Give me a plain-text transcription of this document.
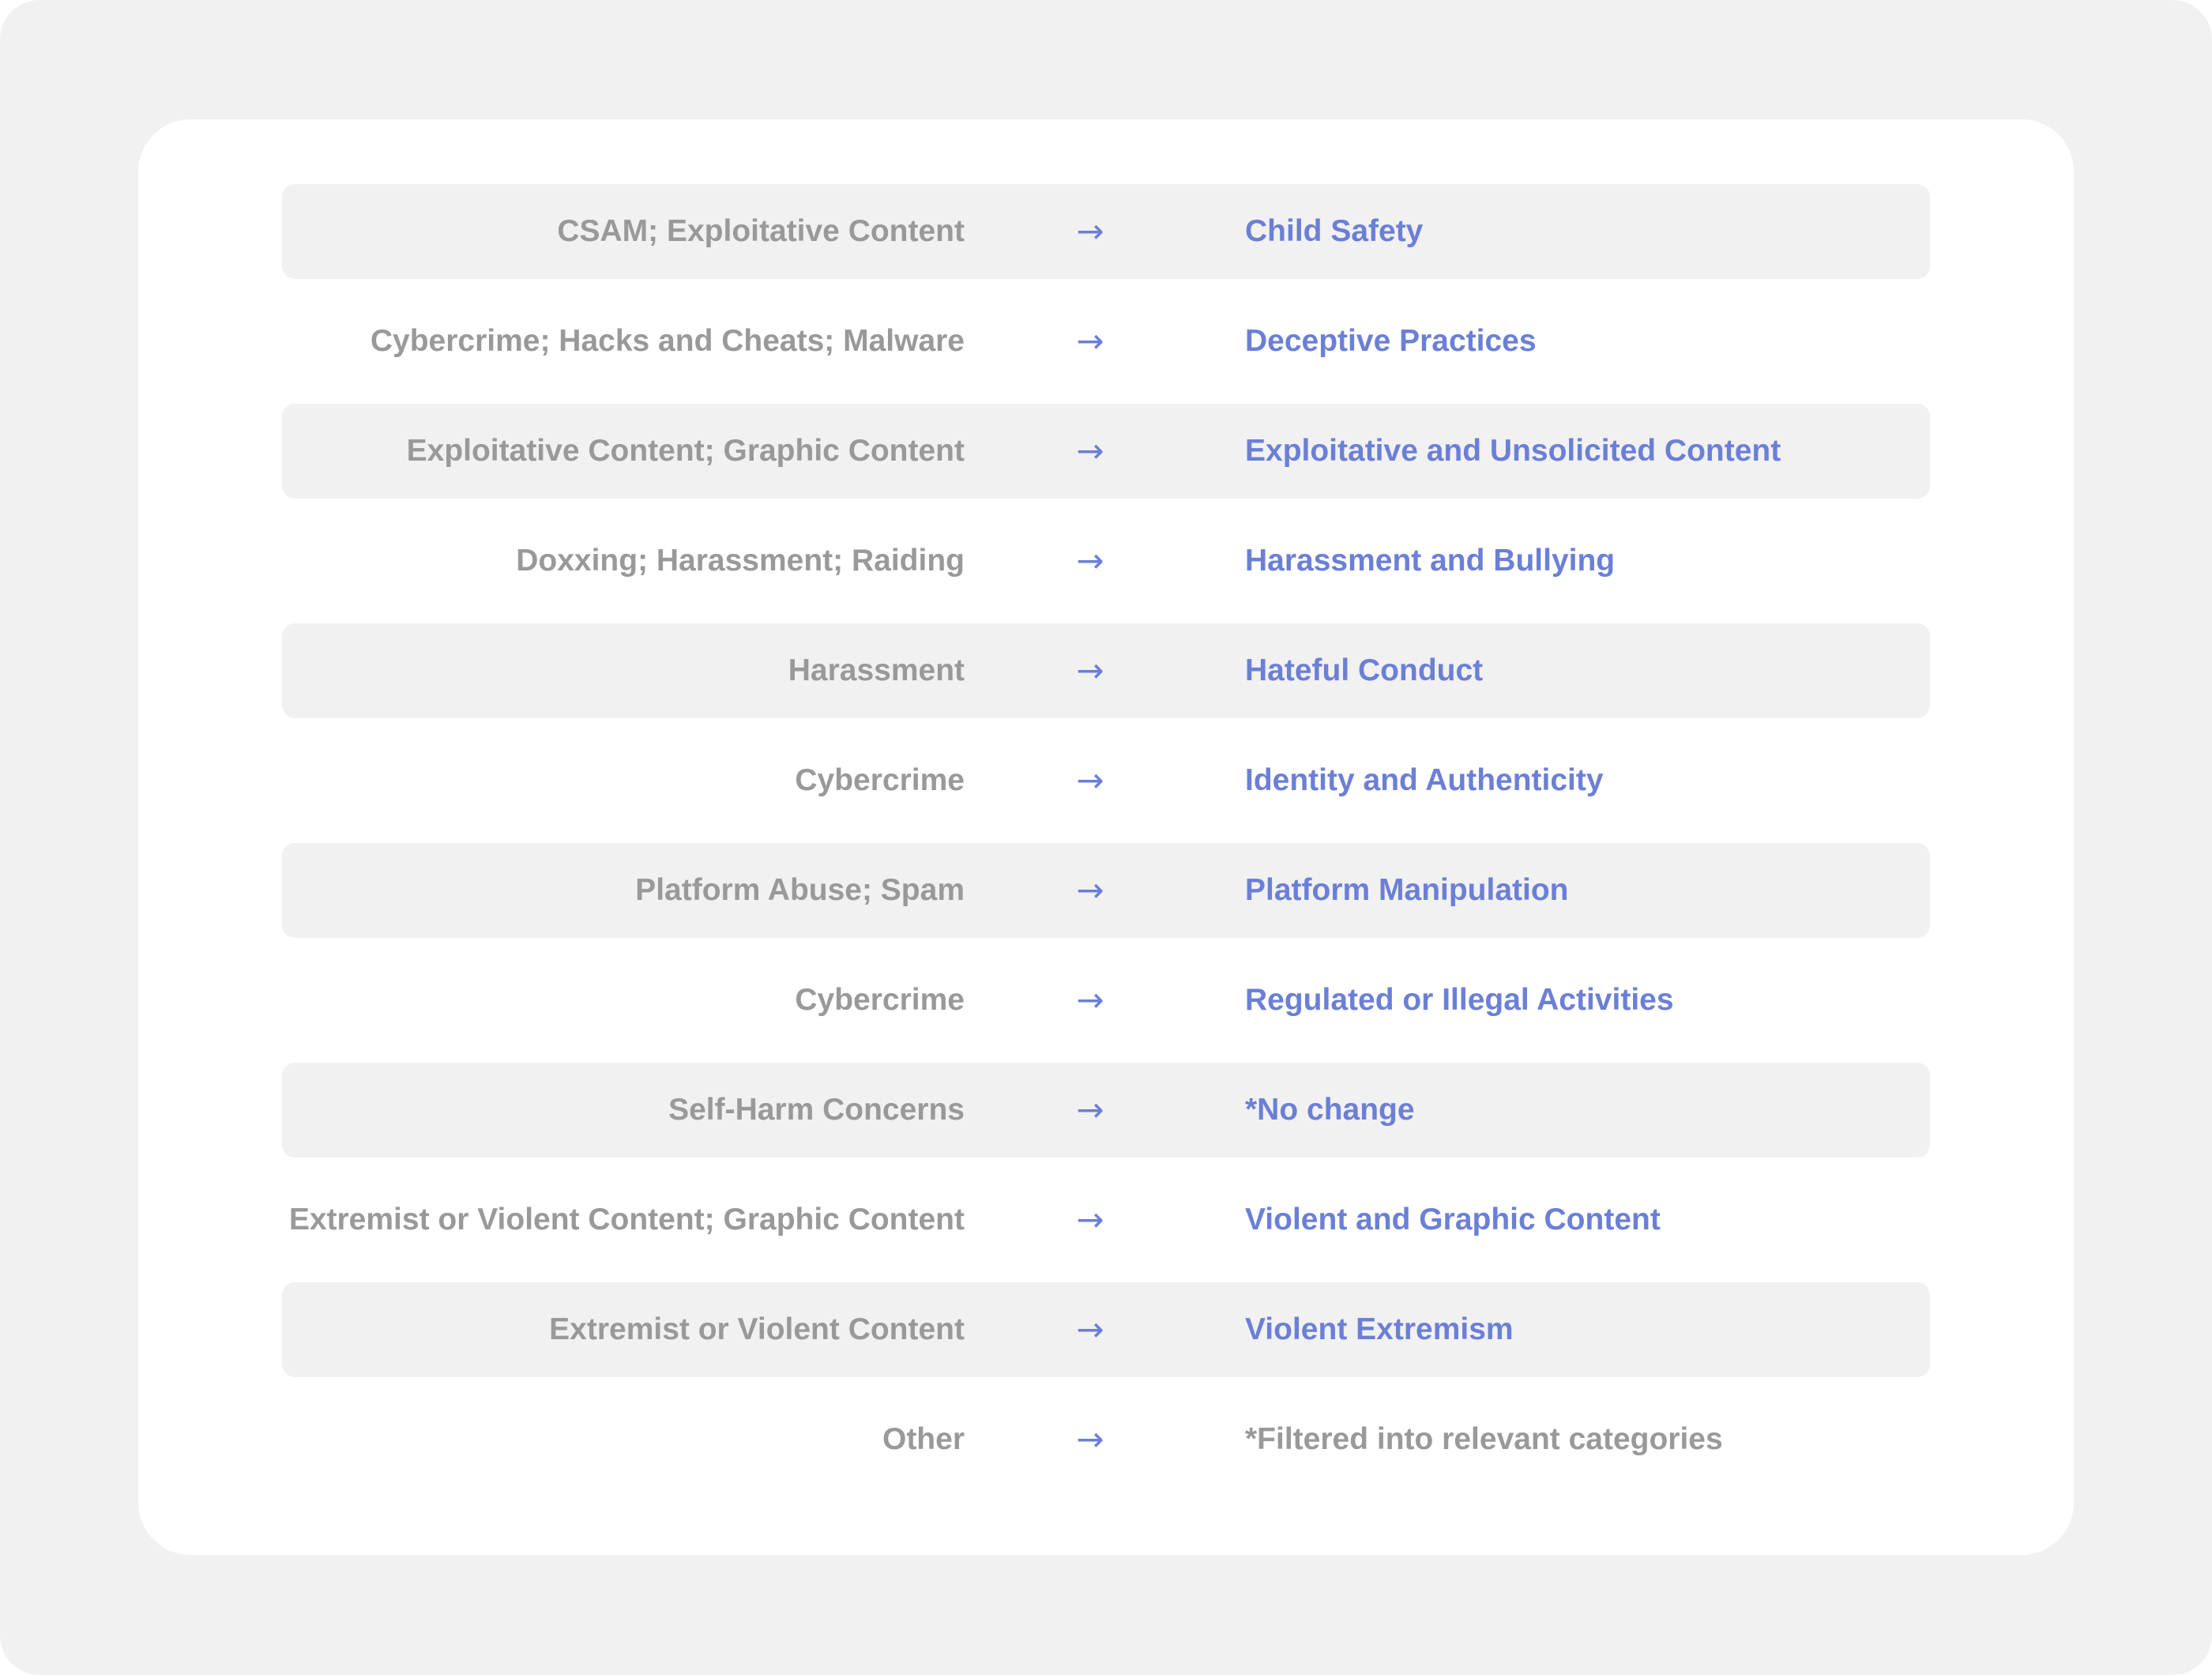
CSAM; Exploitative Content	→	Child Safety
Cybercrime; Hacks and Cheats; Malware	→	Deceptive Practices
Exploitative Content; Graphic Content	→	Exploitative and Unsolicited Content
Doxxing; Harassment; Raiding	→	Harassment and Bullying
Harassment	→	Hateful Conduct
Cybercrime	→	Identity and Authenticity
Platform Abuse; Spam	→	Platform Manipulation
Cybercrime	→	Regulated or Illegal Activities
Self-Harm Concerns	→	*No change
Extremist or Violent Content; Graphic Content	→	Violent and Graphic Content
Extremist or Violent Content	→	Violent Extremism
Other	→	*Filtered into relevant categories
